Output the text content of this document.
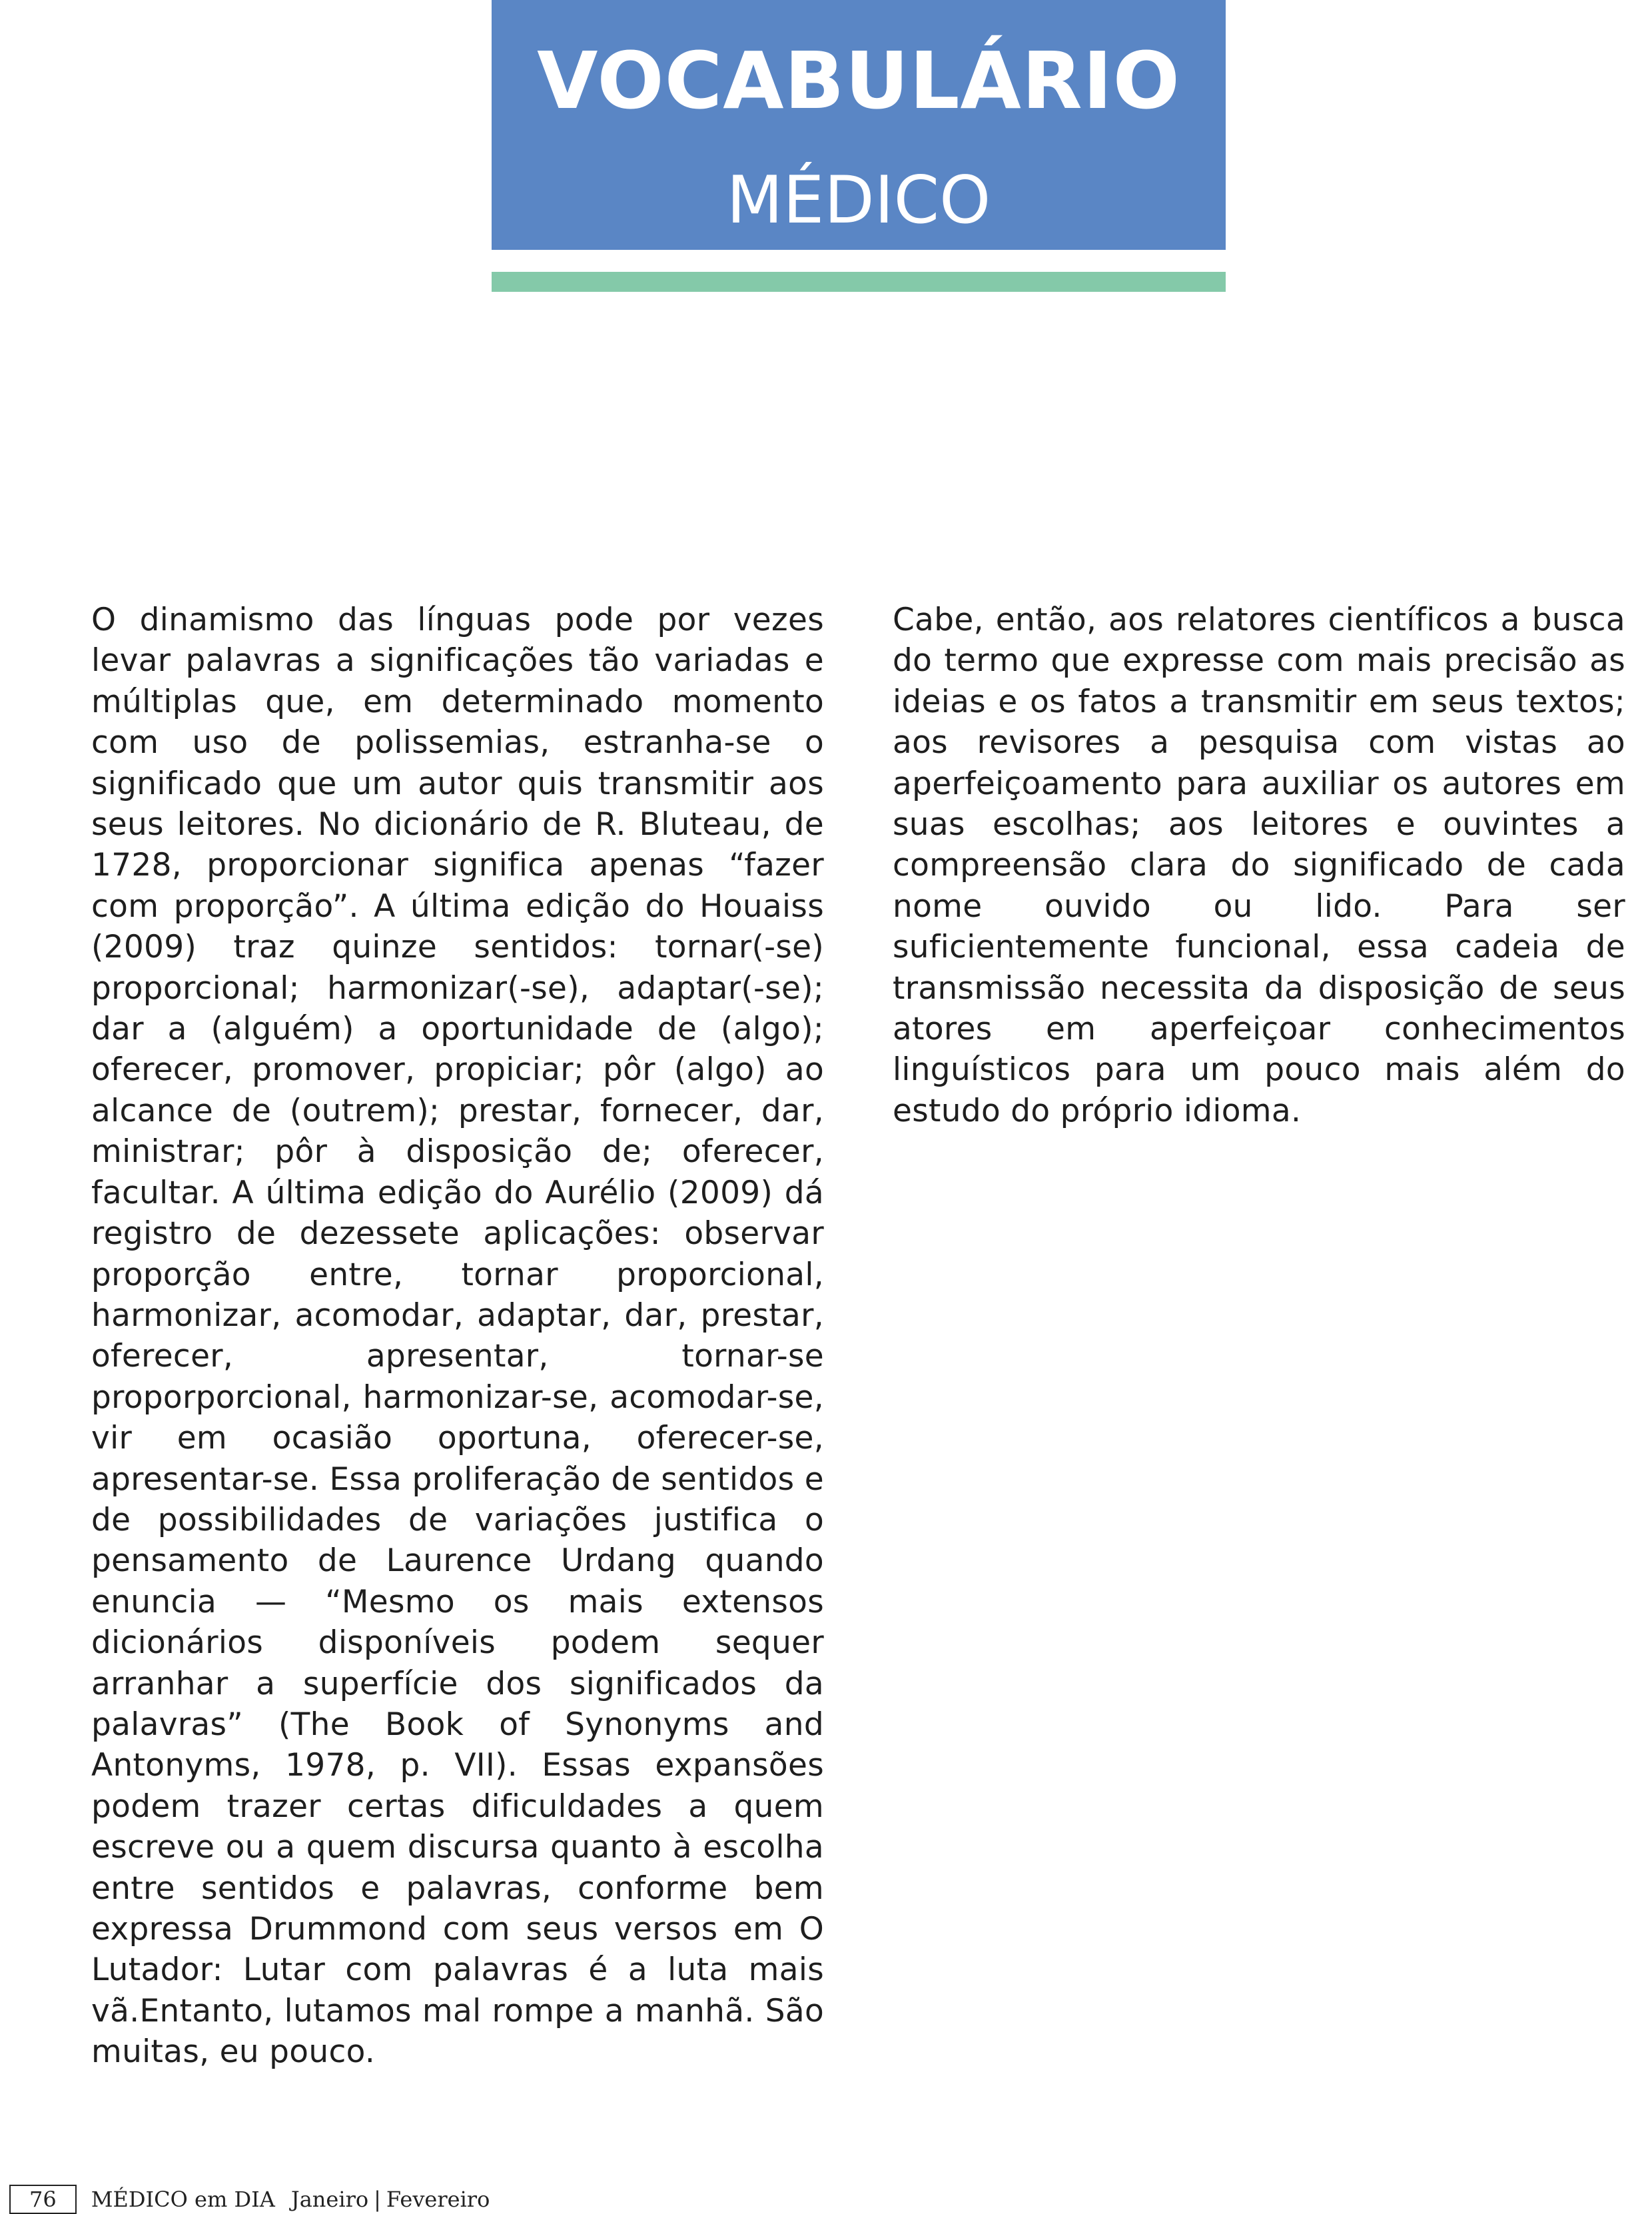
VOCABULÁRIO
MÉDICO

O dinamismo das línguas pode por vezes levar palavras a significações tão variadas e múltiplas que, em determinado momento com uso de polissemias, estranha-se o significado que um autor quis transmitir aos seus leitores. No dicionário de R. Bluteau, de 1728, proporcionar significa apenas “fazer com proporção”. A última edição do Houaiss (2009) traz quinze sentidos: tornar(-se) proporcional; harmonizar(-se), adaptar(-se); dar a (alguém) a oportunidade de (algo); oferecer, promover, propiciar; pôr (algo) ao alcance de (outrem); prestar, fornecer, dar, ministrar; pôr à disposição de; oferecer, facultar. A última edição do Aurélio (2009) dá registro de dezessete aplicações: observar proporção entre, tornar proporcional, harmonizar, acomodar, adaptar, dar, prestar, oferecer, apresentar, tornar-se proporporcional, harmonizar-se, acomodar-se, vir em ocasião oportuna, oferecer-se, apresentar-se. Essa proliferação de sentidos e de possibilidades de variações justifica o pensamento de Laurence Urdang quando enuncia — “Mesmo os mais extensos dicionários disponíveis podem sequer arranhar a superfície dos significados da palavras” (The Book of Synonyms and Antonyms, 1978, p. VII). Essas expansões podem trazer certas dificuldades a quem escreve ou a quem discursa quanto à escolha entre sentidos e palavras, conforme bem expressa Drummond com seus versos em O Lutador: Lutar com palavras é a luta mais vã.Entanto, lutamos mal rompe a manhã. São muitas, eu pouco.

Cabe, então, aos relatores científicos a busca do termo que expresse com mais precisão as ideias e os fatos a transmitir em seus textos; aos revisores a pesquisa com vistas ao aperfeiçoamento para auxiliar os autores em suas escolhas; aos leitores e ouvintes a compreensão clara do significado de cada nome ouvido ou lido. Para ser suficientemente funcional, essa cadeia de transmissão necessita da disposição de seus atores em aperfeiçoar conhecimentos linguísticos para um pouco mais além do estudo do próprio idioma.

76	MÉDICO em DIA Janeiro | Fevereiro
